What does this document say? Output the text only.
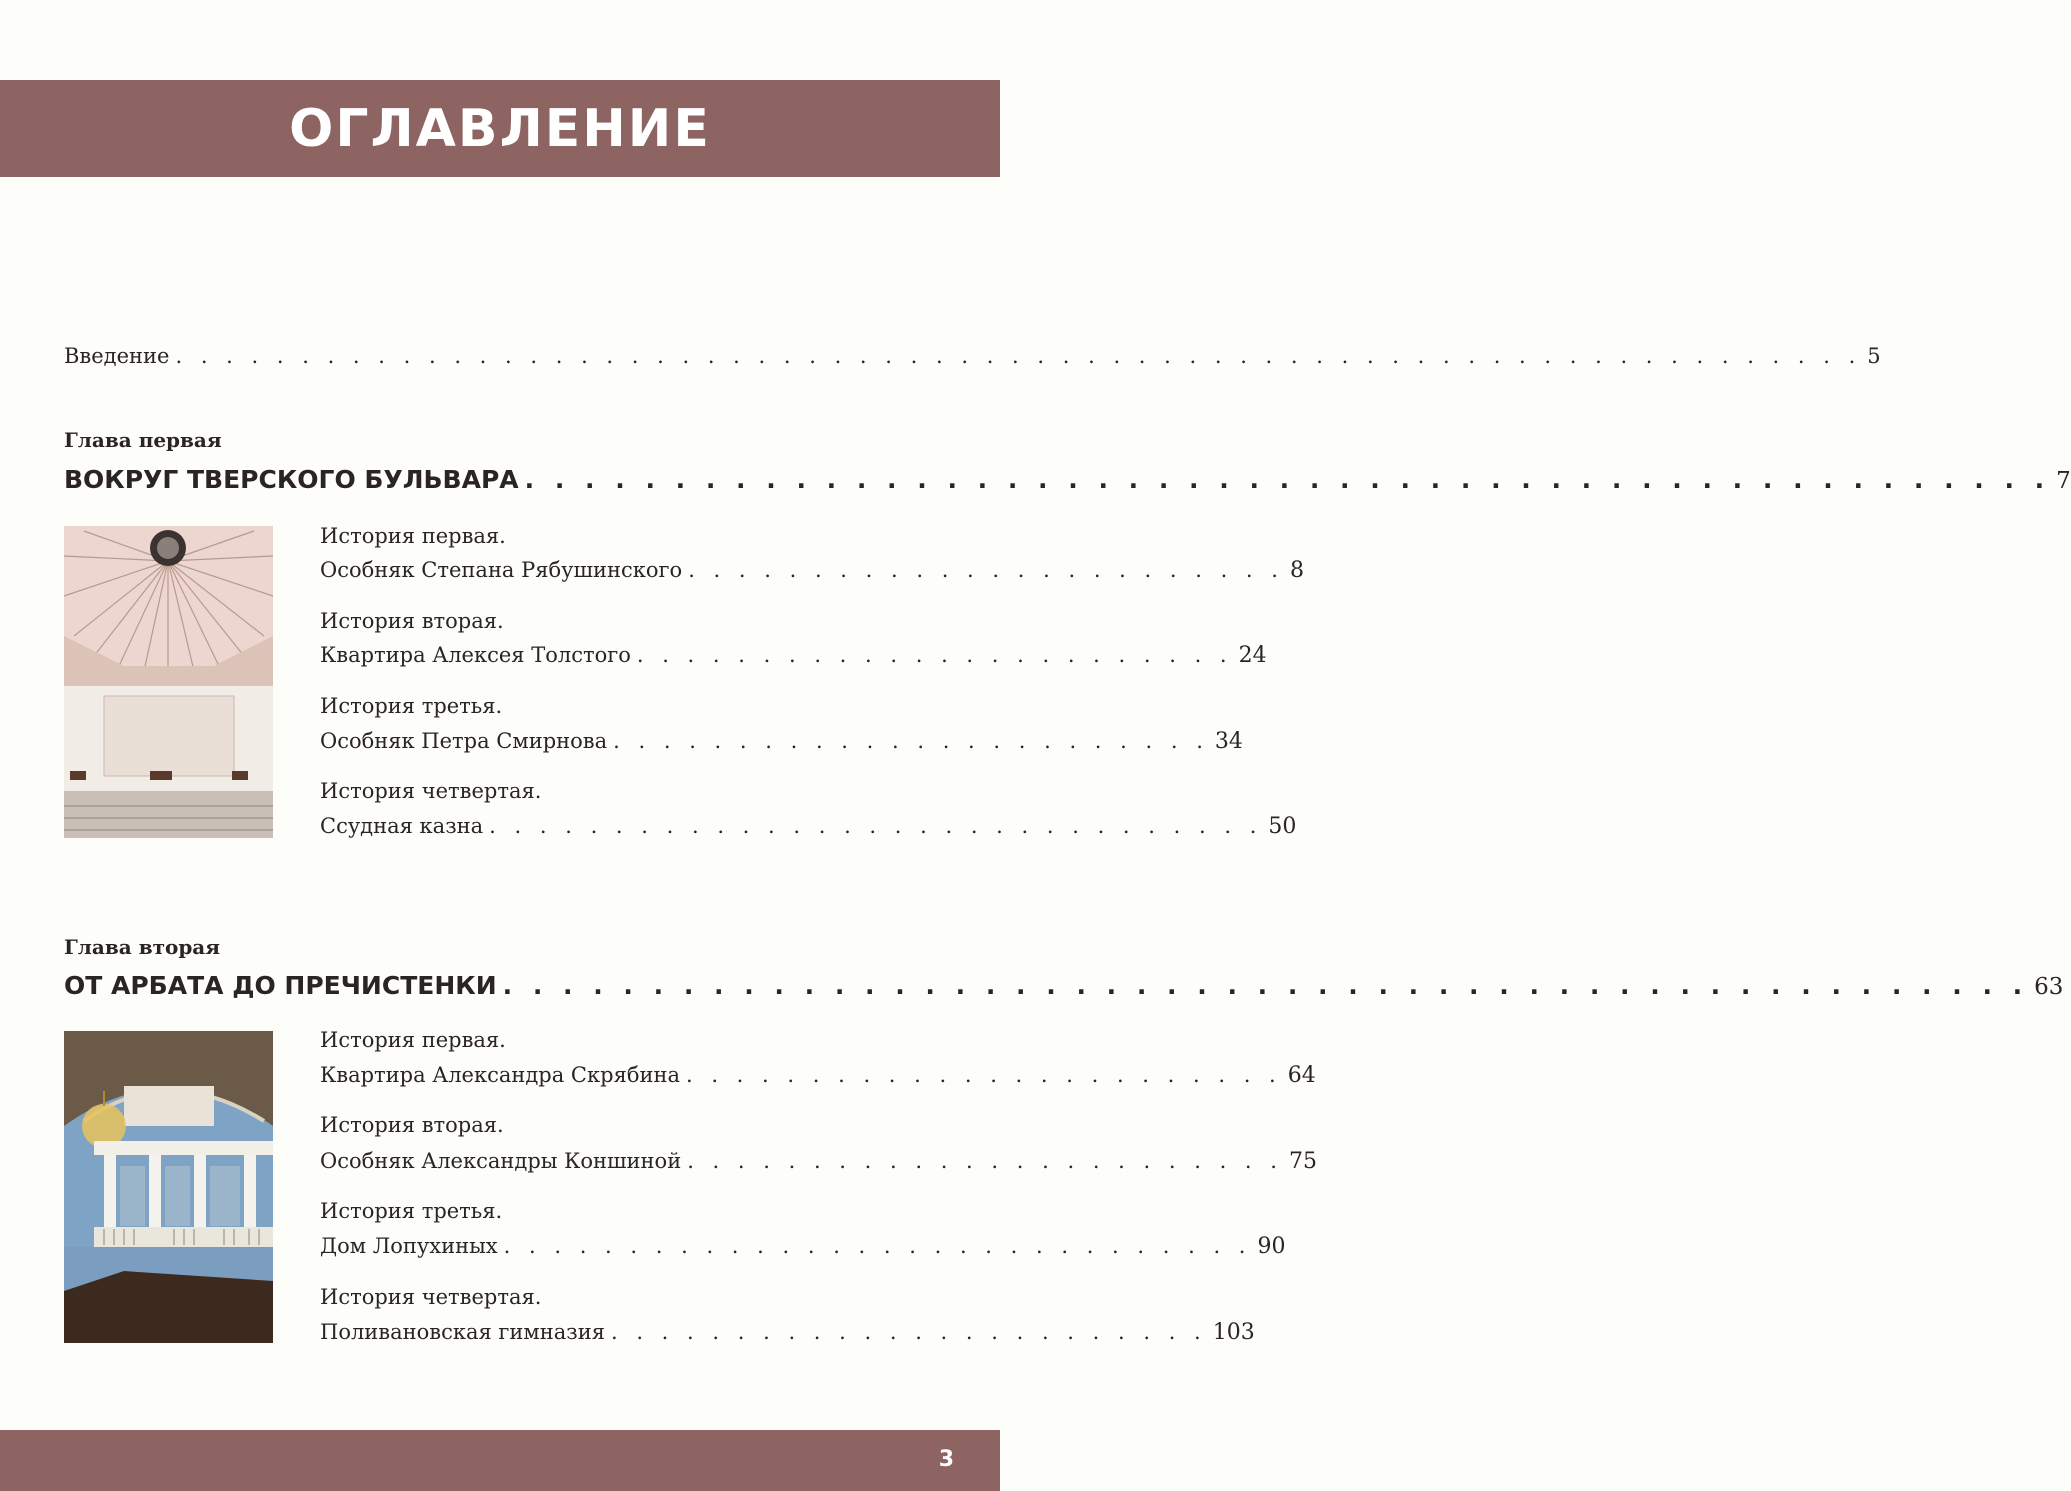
ОГЛАВЛЕНИЕ
Введение . . . . . . . . . . . . . . . . . . . . . . . . . . . . . . . . . . . . . . . . . . . . . . . . . . . . . . . . . . . . . . . . . . . 5
Глава первая
ВОКРУГ ТВЕРСКОГО БУЛЬВАРА . . . . . . . . . . . . . . . . . . . . . . . . . . . . . . . . . . . . . . . . . . . . . . . . . . . 7
История первая.
Особняк Степана Рябушинского . . . . . . . . . . . . . . . . . . . . . . . . 8
История вторая.
Квартира Алексея Толстого . . . . . . . . . . . . . . . . . . . . . . . . 24
История третья.
Особняк Петра Смирнова . . . . . . . . . . . . . . . . . . . . . . . . 34
История четвертая.
Ссудная казна . . . . . . . . . . . . . . . . . . . . . . . . . . . . . . . 50
Глава вторая
ОТ АРБАТА ДО ПРЕЧИСТЕНКИ . . . . . . . . . . . . . . . . . . . . . . . . . . . . . . . . . . . . . . . . . . . . . . . . . . . 63
История первая.
Квартира Александра Скрябина . . . . . . . . . . . . . . . . . . . . . . . . 64
История вторая.
Особняк Александры Коншиной . . . . . . . . . . . . . . . . . . . . . . . . 75
История третья.
Дом Лопухиных . . . . . . . . . . . . . . . . . . . . . . . . . . . . . . 90
История четвертая.
Поливановская гимназия . . . . . . . . . . . . . . . . . . . . . . . . 103
3
